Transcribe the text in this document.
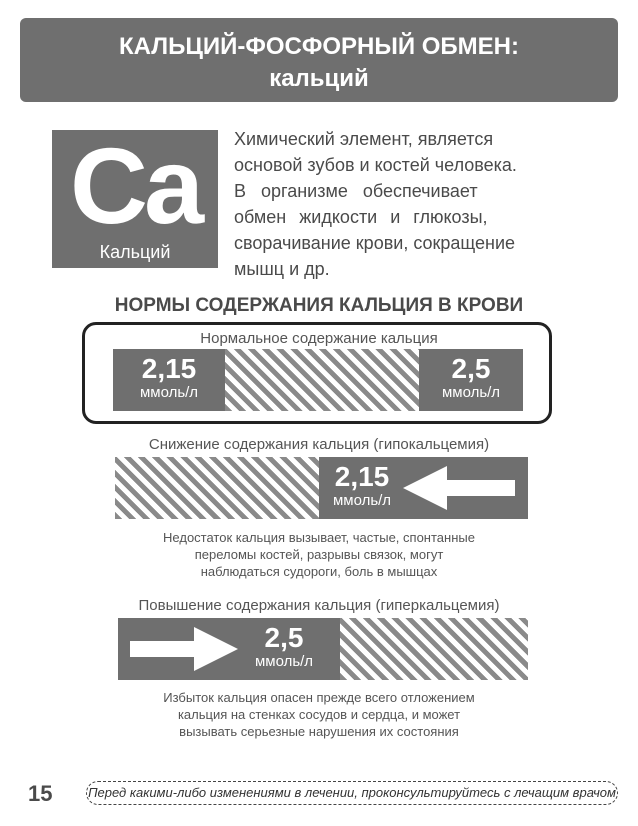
КАЛЬЦИЙ-ФОСФОРНЫЙ ОБМЕН:
кальций
Ca
Кальций
Химический элемент, является
основой зубов и костей человека.
В организме обеспечивает
обмен жидкости и глюкозы,
сворачивание крови, сокращение
мышц и др.
НОРМЫ СОДЕРЖАНИЯ КАЛЬЦИЯ В КРОВИ
Нормальное содержание кальция
2,15
ммоль/л
2,5
ммоль/л
Снижение содержания кальция (гипокальцемия)
2,15
ммоль/л
Недостаток кальция вызывает, частые, спонтанные
переломы костей, разрывы связок, могут
наблюдаться судороги, боль в мышцах
Повышение содержания кальция (гиперкальцемия)
2,5
ммоль/л
Избыток кальция опасен прежде всего отложением
кальция на стенках сосудов и сердца, и может
вызывать серьезные нарушения их состояния
15	Перед какими-либо изменениями в лечении, проконсультируйтесь с лечащим врачом
